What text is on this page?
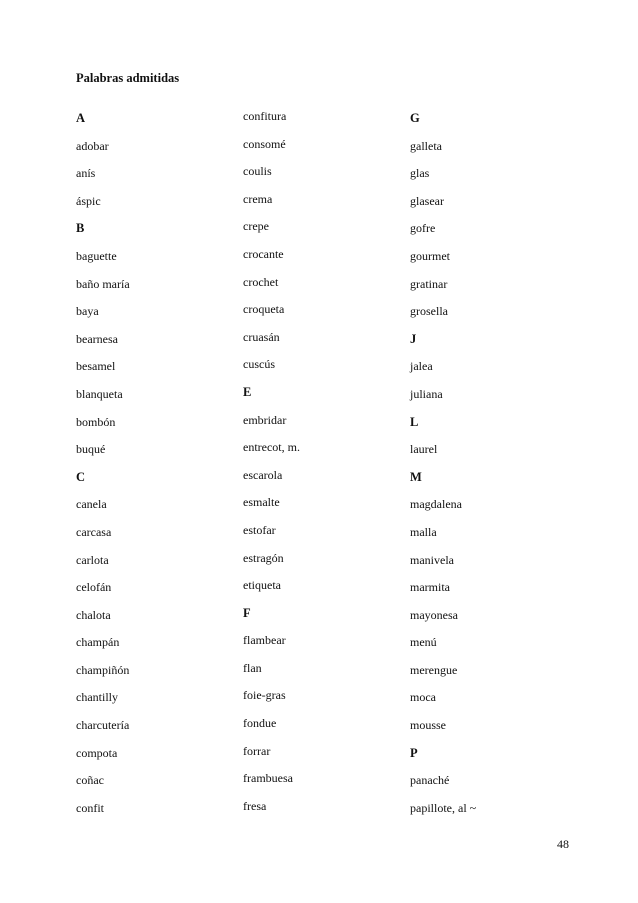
Palabras admitidas
A
adobar
anís
áspic
B
baguette
baño maría
baya
bearnesa
besamel
blanqueta
bombón
buqué
C
canela
carcasa
carlota
celofán
chalota
champán
champiñón
chantilly
charcutería
compota
coñac
confit
confitura
consomé
coulis
crema
crepe
crocante
crochet
croqueta
cruasán
cuscús
E
embridar
entrecot, m.
escarola
esmalte
estofar
estragón
etiqueta
F
flambear
flan
foie-gras
fondue
forrar
frambuesa
fresa
G
galleta
glas
glasear
gofre
gourmet
gratinar
grosella
J
jalea
juliana
L
laurel
M
magdalena
malla
manivela
marmita
mayonesa
menú
merengue
moca
mousse
P
panaché
papillote, al ~
48
